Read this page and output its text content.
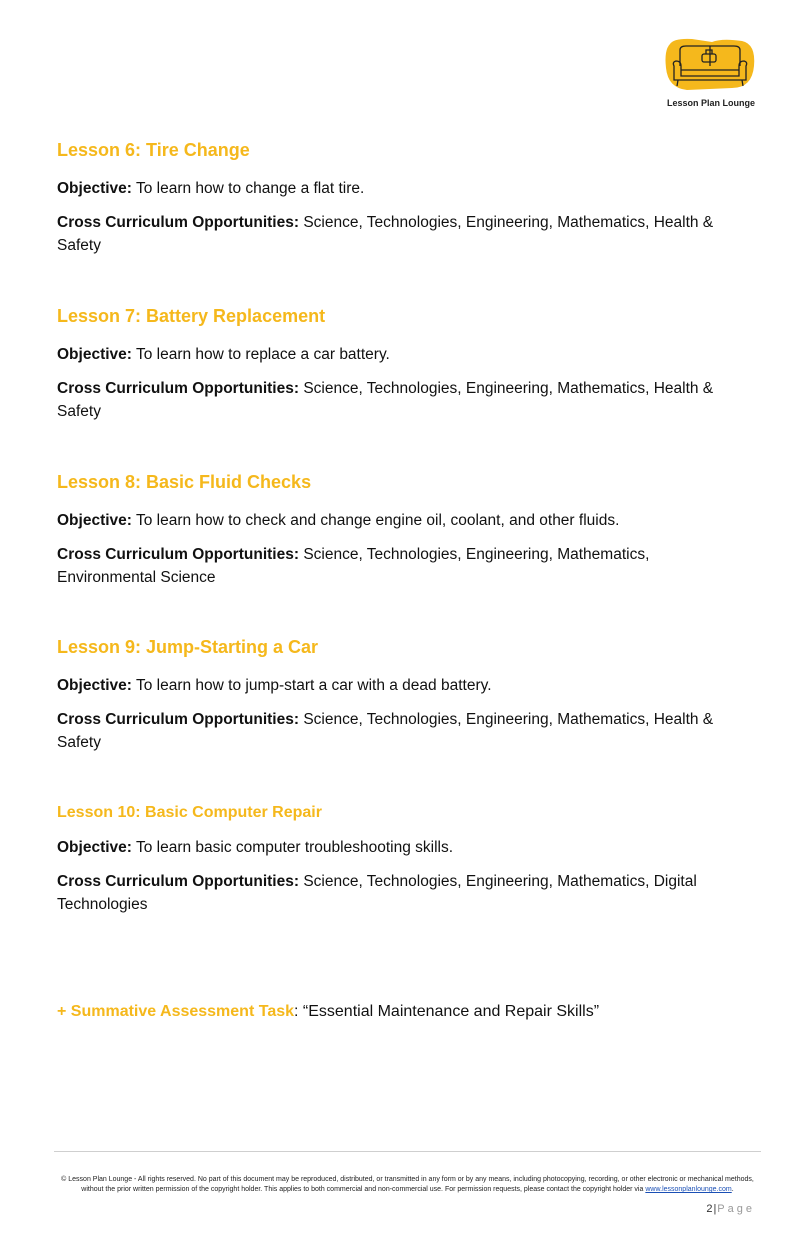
Lesson Plan Lounge
Lesson 6: Tire Change

Objective: To learn how to change a flat tire.

Cross Curriculum Opportunities: Science, Technologies, Engineering, Mathematics, Health & Safety

Lesson 7: Battery Replacement

Objective: To learn how to replace a car battery.

Cross Curriculum Opportunities: Science, Technologies, Engineering, Mathematics, Health & Safety

Lesson 8: Basic Fluid Checks

Objective: To learn how to check and change engine oil, coolant, and other fluids.

Cross Curriculum Opportunities: Science, Technologies, Engineering, Mathematics, Environmental Science

Lesson 9: Jump-Starting a Car

Objective: To learn how to jump-start a car with a dead battery.

Cross Curriculum Opportunities: Science, Technologies, Engineering, Mathematics, Health & Safety

Lesson 10: Basic Computer Repair

Objective: To learn basic computer troubleshooting skills.

Cross Curriculum Opportunities: Science, Technologies, Engineering, Mathematics, Digital Technologies

+ Summative Assessment Task: “Essential Maintenance and Repair Skills”
© Lesson Plan Lounge - All rights reserved. No part of this document may be reproduced, distributed, or transmitted in any form or by any means, including photocopying, recording, or other electronic or mechanical methods, without the prior written permission of the copyright holder. This applies to both commercial and non-commercial use. For permission requests, please contact the copyright holder via www.lessonplanlounge.com.
2|Page
